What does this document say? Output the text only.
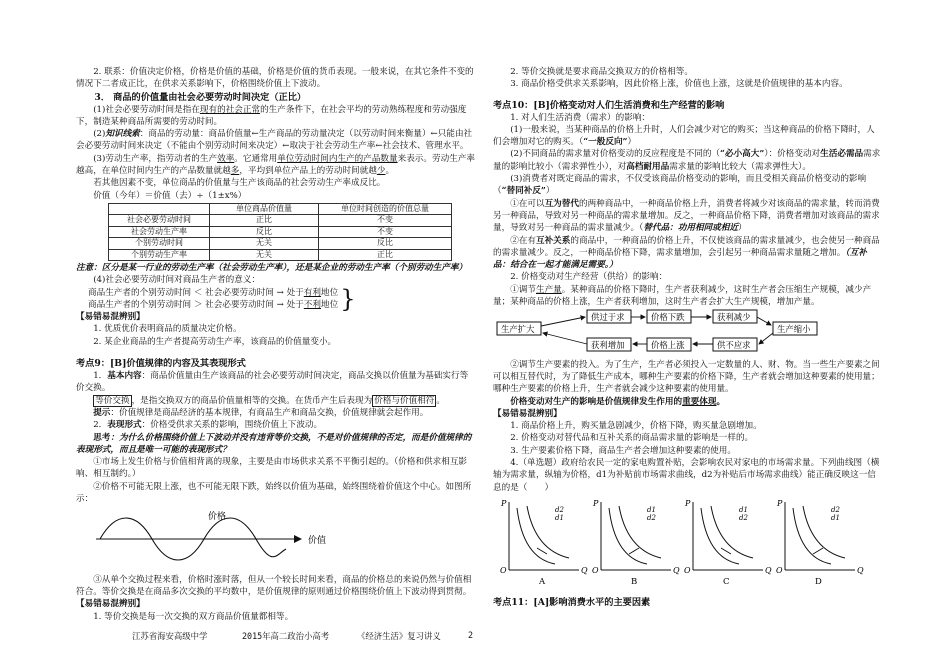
2. 联系：价值决定价格，价格是价值的基础，价格是价值的货币表现。一般来说，在其它条件不变的情况下二者成正比，在供求关系影响下，价格围绕价值上下波动。

3． 商品的价值量由社会必要劳动时间决定（正比）

(1)社会必要劳动时间是指在现有的社会正常的生产条件下，在社会平均的劳动熟练程度和劳动强度下，制造某种商品所需要的劳动时间。

(2)知识线索：商品的劳动量：商品价值量←生产商品的劳动量决定（以劳动时间来衡量）←只能由社会必要劳动时间来决定（不能由个别劳动时间来决定）←取决于社会劳动生产率←社会技术、管理水平。

(3)劳动生产率，指劳动者的生产效率。它通常用单位劳动时间内生产的产品数量来表示。劳动生产率越高，在单位时间内生产的产品数量就越多，平均到单位产品上的劳动时间就越少。

若其他因素不变，单位商品的价值量与生产该商品的社会劳动生产率成反比。

价值（今年）＝价值（去）÷（1±x%）

	单位商品价值量	单位时间创造的价值总量
社会必要劳动时间	正比	不变
社会劳动生产率	反比	不变
个别劳动时间	无关	反比
个别劳动生产率	无关	正比

注意：区分是某一行业的劳动生产率（社会劳动生产率），还是某企业的劳动生产率（个别劳动生产率）

(4)社会必要劳动时间对商品生产者的意义：

商品生产者的个别劳动时间 ＜ 社会必要劳动时间 → 处于有利地位

商品生产者的个别劳动时间 ＞ 社会必要劳动时间 → 处于不利地位 }

【易错易混辨别】

1. 优质优价表明商品的质量决定价格。

2. 某企业商品的生产者提高劳动生产率，该商品的价值量变小。

考点9：[B]价值规律的内容及其表现形式

1．基本内容：商品价值量由生产该商品的社会必要劳动时间决定，商品交换以价值量为基础实行等价交换。

等价交换 ，是指交换双方的商品价值量相等的交换。在货币产生后表现为 价格与价值相符 。

提示：价值规律是商品经济的基本规律，有商品生产和商品交换，价值规律就会起作用。

2．表现形式：价格受供求关系的影响，围绕价值上下波动。

思考：为什么价格围绕价值上下波动并没有违背等价交换，不是对价值规律的否定，而是价值规律的表现形式，而且是唯一可能的表现形式？

①市场上发生价格与价值相背离的现象，主要是由市场供求关系不平衡引起的。（价格和供求相互影响、相互制约。）

②价格不可能无限上涨，也不可能无限下跌，始终以价值为基础，始终围绕着价值这个中心。如图所示：

价格
价值

③从单个交换过程来看，价格时涨时落，但从一个较长时间来看，商品的价格总的来说仍然与价值相符合。等价交换是在商品多次交换的平均数中，是价值规律的原则通过价格围绕价值上下波动得到贯彻。

【易错易混辨别】

1. 等价交换是每一次交换的双方商品价值量都相等。

2. 等价交换就是要求商品交换双方的价格相等。

3. 商品价格受供求关系影响，因此价格上涨，价值也上涨，这就是价值规律的基本内容。

考点10：[B]价格变动对人们生活消费和生产经营的影响

1. 对人们生活消费（需求）的影响：

(1)一般来说，当某种商品的价格上升时，人们会减少对它的购买；当这种商品的价格下降时，人们会增加对它的购买。（“一般反向”）

(2)不同商品的需求量对价格变动的反应程度是不同的（“必小高大”）：价格变动对生活必需品需求量的影响比较小（需求弹性小），对高档耐用品需求量的影响比较大（需求弹性大）。

(3)消费者对既定商品的需求，不仅受该商品价格变动的影响，而且受相关商品价格变动的影响（“替同补反”）

①在可以互为替代的两种商品中，一种商品价格上升，消费者将减少对该商品的需求量，转而消费另一种商品，导致对另一种商品的需求量增加。反之，一种商品价格下降，消费者增加对该商品的需求量，导致对另一种商品的需求量减少。（替代品：功用相同或相近）

②在有互补关系的商品中，一种商品的价格上升，不仅使该商品的需求量减少，也会使另一种商品的需求量减少。反之，一种商品价格下降，需求量增加，会引起另一种商品需求量随之增加。（互补品：结合在一起才能满足需要。）

2. 价格变动对生产经营（供给）的影响：

①调节生产量。某种商品的价格下降时，生产者获利减少，这时生产者会压缩生产规模，减少产量；某种商品的价格上涨，生产者获利增加，这时生产者会扩大生产规模，增加产量。

生产扩大
供过于求	价格下跌	获利减少
生产缩小
获利增加	价格上涨	供不应求

②调节生产要素的投入。为了生产，生产者必须投入一定数量的人、财、物。当一些生产要素之间可以相互替代时，为了降低生产成本，哪种生产要素的价格下降，生产者就会增加这种要素的使用量；哪种生产要素的价格上升，生产者就会减少这种要素的使用量。

价格变动对生产的影响是价值规律发生作用的重要体现。

【易错易混辨别】

1. 商品价格上升，购买量急剧减少，价格下降，购买量急剧增加。

2. 价格变动对替代品和互补关系的商品需求量的影响是一样的。

3. 生产要素价格下降，商品生产者会增加这种要素的使用。

4.（单选题）政府给农民一定的家电购置补贴，会影响农民对家电的市场需求量。下列曲线图（横轴为需求量，纵轴为价格，d1为补贴前市场需求曲线，d2为补贴后市场需求曲线）能正确反映这一信息的是（　　）

P
Q
O
d2
d1
A
P
Q
O
d1
d2
B
P
Q
O
d1
d2
C
P
Q
O
d2
d1
D

考点11：[A]影响消费水平的主要因素

江苏省海安高级中学	2015年高二政治小高考	《经济生活》复习讲义	2
